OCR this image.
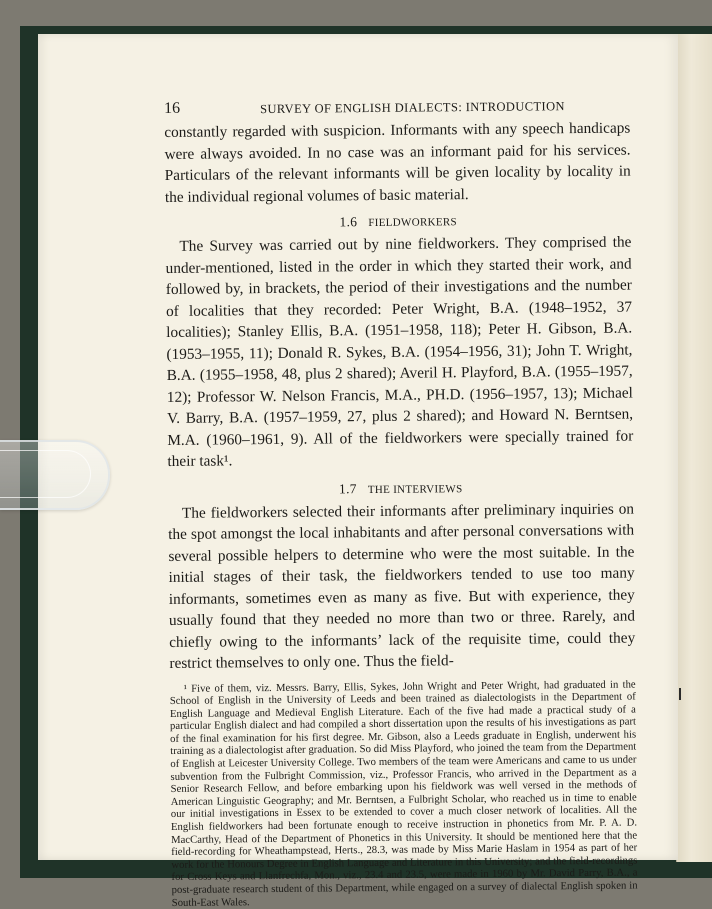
16	SURVEY OF ENGLISH DIALECTS: INTRODUCTION

constantly regarded with suspicion. Informants with any speech handicaps were always avoided. In no case was an informant paid for his services. Particulars of the relevant informants will be given locality by locality in the individual regional volumes of basic material.

1.6 FIELDWORKERS

The Survey was carried out by nine fieldworkers. They comprised the under-mentioned, listed in the order in which they started their work, and followed by, in brackets, the period of their investigations and the number of localities that they recorded: Peter Wright, B.A. (1948–1952, 37 localities); Stanley Ellis, B.A. (1951–1958, 118); Peter H. Gibson, B.A. (1953–1955, 11); Donald R. Sykes, B.A. (1954–1956, 31); John T. Wright, B.A. (1955–1958, 48, plus 2 shared); Averil H. Playford, B.A. (1955–1957, 12); Professor W. Nelson Francis, M.A., PH.D. (1956–1957, 13); Michael V. Barry, B.A. (1957–1959, 27, plus 2 shared); and Howard N. Berntsen, M.A. (1960–1961, 9). All of the fieldworkers were specially trained for their task¹.

1.7 THE INTERVIEWS

The fieldworkers selected their informants after preliminary inquiries on the spot amongst the local inhabitants and after personal conversations with several possible helpers to determine who were the most suitable. In the initial stages of their task, the fieldworkers tended to use too many informants, sometimes even as many as five. But with experience, they usually found that they needed no more than two or three. Rarely, and chiefly owing to the informants’ lack of the requisite time, could they restrict themselves to only one. Thus the field-

¹ Five of them, viz. Messrs. Barry, Ellis, Sykes, John Wright and Peter Wright, had graduated in the School of English in the University of Leeds and been trained as dialectologists in the Department of English Language and Medieval English Literature. Each of the five had made a practical study of a particular English dialect and had compiled a short dissertation upon the results of his investigations as part of the final examination for his first degree. Mr. Gibson, also a Leeds graduate in English, underwent his training as a dialectologist after graduation. So did Miss Playford, who joined the team from the Department of English at Leicester University College. Two members of the team were Americans and came to us under subvention from the Fulbright Commission, viz., Professor Francis, who arrived in the Department as a Senior Research Fellow, and before embarking upon his fieldwork was well versed in the methods of American Linguistic Geography; and Mr. Berntsen, a Fulbright Scholar, who reached us in time to enable our initial investigations in Essex to be extended to cover a much closer network of localities. All the English fieldworkers had been fortunate enough to receive instruction in phonetics from Mr. P. A. D. MacCarthy, Head of the Department of Phonetics in this University. It should be mentioned here that the field-recording for Wheathampstead, Herts., 28.3, was made by Miss Marie Haslam in 1954 as part of her work for the Honours Degree in English Language and Literature in this University; and the field-recordings for Cross Keys and Llanfrechfa, Mon., viz., 23.4 and 23.5, were made in 1960 by Mr. David Parry, B.A., a post-graduate research student of this Department, while engaged on a survey of dialectal English spoken in South-East Wales.
